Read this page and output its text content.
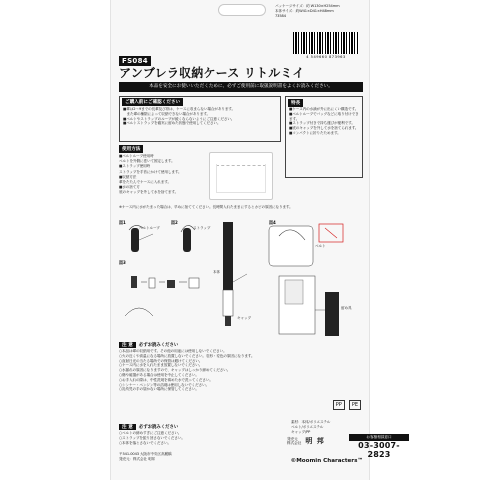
パッケージサイズ：約 W130×H254mm
本体サイズ：約W41×D41×H48mm
73584
4 549660 873963
FS084
アンブレラ収納ケース リトルミイ
本品を安全にお使いいただくために、必ずご使用前に取扱説明書をよくお読みください。
ご購入前にご確認ください
■傘は2～9までの長傘及び骨は、ケースに収まらない場合があります。
　また傘の種類によって収納できない場合があります。
■ベルトやストラップのループが緩くならないようにご注意ください。
■ベルトストラップを確実に留めた状態で使用してください。
特長
■ケース内の水滴が外に出にくい構造です。
■ベルトループでバッグなどに取り付けできます。
■ストラップ付きで持ち運びが便利です。
■底のキャップを外して水を捨てられます。
■コンパクトに折りたためます。
使用方法
■ベルトループ使用時
ベルトを外側に巻いて固定します。
■ストラップ使用時
ストラップを手首にかけて使用します。
■収納方法
傘をたたんでケースに入れます。
■水の捨て方
底のキャップを外して水を捨てます。
※ケース内に水がたまった場合は、早めに捨ててください。長時間入れたままにするとカビの原因になります。
図1	図2
図3
図4
ベルトループ	ストラップ
キャップ
本体
ベルト
留め具
注 意	必ずお読みください
○本品は傘の収納用です。その他の用途には使用しないでください。
○火の近くや高温になる場所に放置しないでください。変形・変色の原因になります。
○直射日光の当たる場所での保管は避けてください。
○ケース内に水を入れたまま放置しないでください。
○水漏れの原因になりますので、キャップはしっかり締めてください。
○傷や破損がある場合は使用を中止してください。
○お手入れの際は、中性洗剤を薄めた水で洗ってください。
○シンナー・ベンジン等の溶剤は使用しないでください。
○乳幼児の手の届かない場所に保管してください。
注 意	必ずお読みください
○ベルトの締めすぎにご注意ください。
○ストラップを振り回さないでください。
○本体を落とさないでください。
PP	PE
素材：本体/ポリエステル
ベルト/ポリエステル
キャップ/PP
〒541-0043 大阪市中央区高麗橋
発売元：株式会社 明邦
発売元
株式会社 明 邦	お客様相談窓口
03-3007-2823
©Moomin Characters™
